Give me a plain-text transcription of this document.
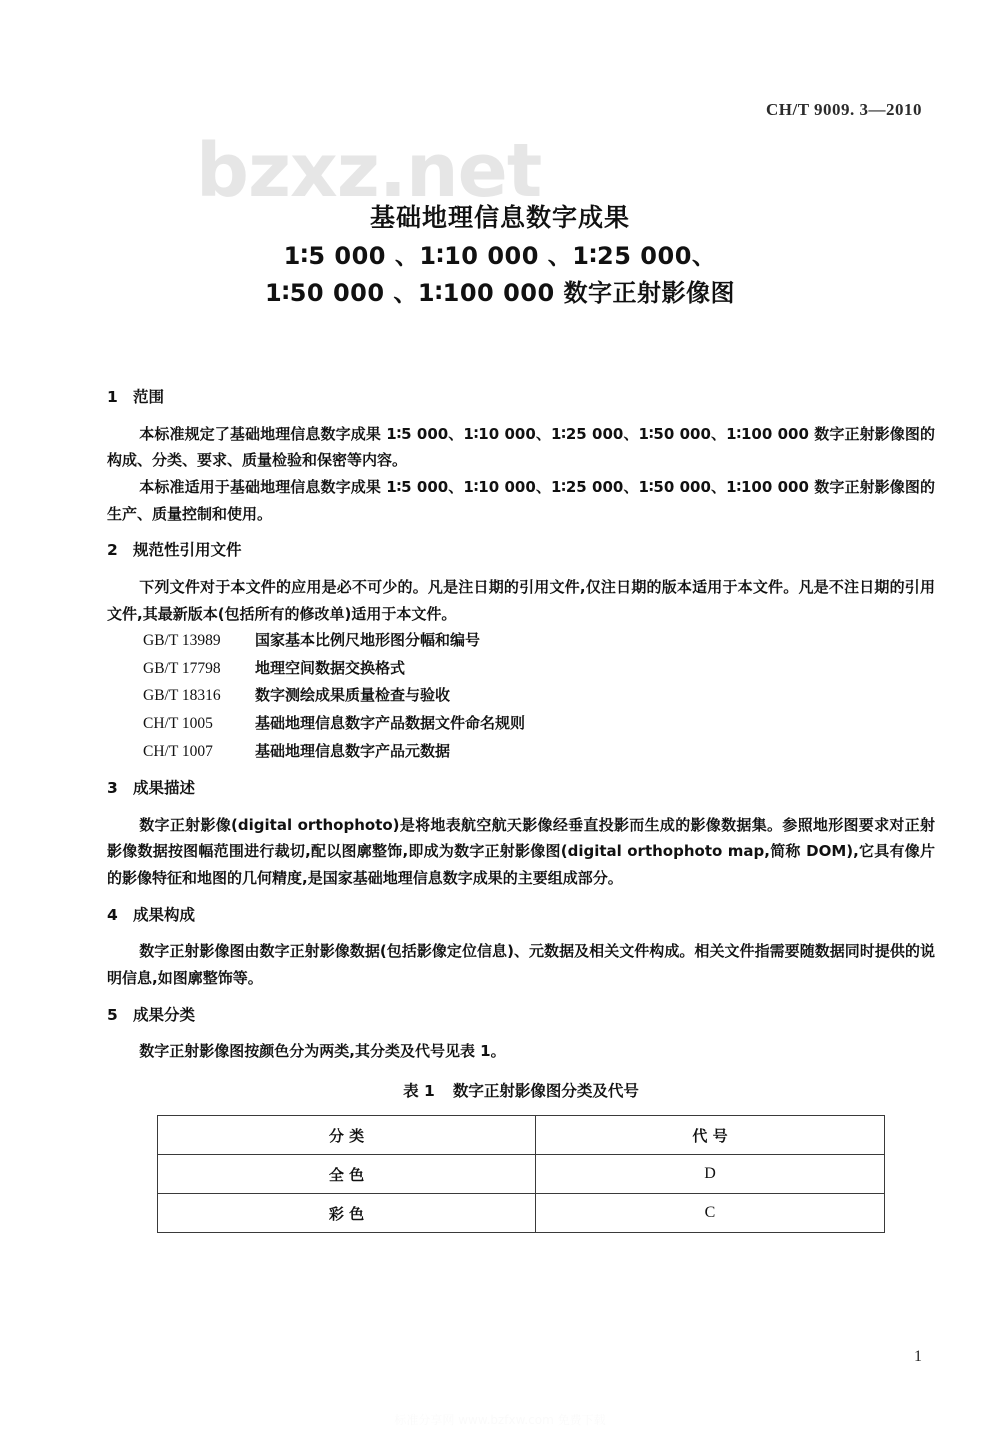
CH/T 9009. 3—2010
bzxz.net
基础地理信息数字成果
1∶5 000 、1∶10 000 、1∶25 000、
1∶50 000 、1∶100 000 数字正射影像图
1 范围

本标准规定了基础地理信息数字成果 1∶5 000、1∶10 000、1∶25 000、1∶50 000、1∶100 000 数字正射影像图的构成、分类、要求、质量检验和保密等内容。

本标准适用于基础地理信息数字成果 1∶5 000、1∶10 000、1∶25 000、1∶50 000、1∶100 000 数字正射影像图的生产、质量控制和使用。

2 规范性引用文件

下列文件对于本文件的应用是必不可少的。凡是注日期的引用文件,仅注日期的版本适用于本文件。凡是不注日期的引用文件,其最新版本(包括所有的修改单)适用于本文件。

GB/T 13989 国家基本比例尺地形图分幅和编号
GB/T 17798 地理空间数据交换格式
GB/T 18316 数字测绘成果质量检查与验收
CH/T 1005	基础地理信息数字产品数据文件命名规则
CH/T 1007	基础地理信息数字产品元数据
3 成果描述

数字正射影像(digital orthophoto)是将地表航空航天影像经垂直投影而生成的影像数据集。参照地形图要求对正射影像数据按图幅范围进行裁切,配以图廓整饰,即成为数字正射影像图(digital orthophoto map,简称 DOM),它具有像片的影像特征和地图的几何精度,是国家基础地理信息数字成果的主要组成部分。

4 成果构成

数字正射影像图由数字正射影像数据(包括影像定位信息)、元数据及相关文件构成。相关文件指需要随数据同时提供的说明信息,如图廓整饰等。

5 成果分类

数字正射影像图按颜色分为两类,其分类及代号见表 1。

表 1 数字正射影像图分类及代号
分 类	代 号
全 色	D
彩 色	C
1
标准分享网 www.bzfxw.com 免费下载
